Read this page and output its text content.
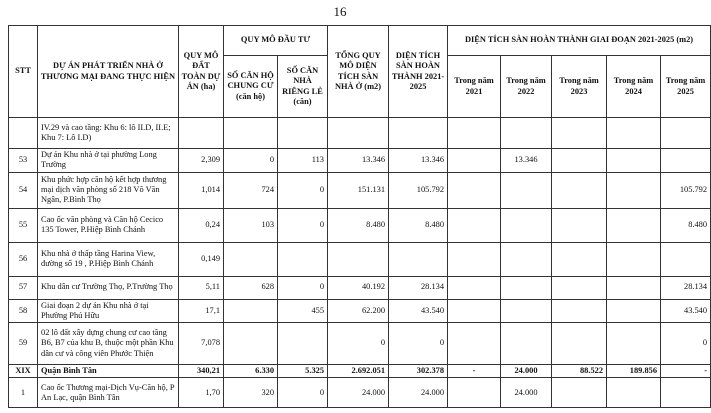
16
STT	DỰ ÁN PHÁT TRIỂN NHÀ Ở THƯƠNG MẠI ĐANG THỰC HIỆN	QUY MÔ ĐẤT TOÀN DỰ ÁN (ha)	QUY MÔ ĐẦU TƯ		TỔNG QUY MÔ DIỆN TÍCH SÀN NHÀ Ở (m2)	DIỆN TÍCH SÀN HOÀN THÀNH 2021-2025	DIỆN TÍCH SÀN HOÀN THÀNH GIAI ĐOẠN 2021-2025 (m2)				
			SỐ CĂN HỘ CHUNG CƯ (căn hộ)	SỐ CĂN NHÀ RIÊNG LẺ (căn)			Trong năm 2021	Trong năm 2022	Trong năm 2023	Trong năm 2024	Trong năm 2025
	IV.29 và cao tầng: Khu 6: lô II.D, II.E; Khu 7: Lô I.D)										
53	Dự án Khu nhà ở tại phường Long Trường	2,309	0	113	13.346	13.346		13.346			
54	Khu phức hợp căn hộ kết hợp thương mại dịch văn phòng số 218 Võ Văn Ngân, P.Bình Thọ	1,014	724	0	151.131	105.792					105.792
55	Cao ốc văn phòng và Căn hộ Cecico 135 Tower, P.Hiệp Bình Chánh	0,24	103	0	8.480	8.480					8.480
56	Khu nhà ở thấp tầng Harina View, đường số 19 , P.Hiệp Bình Chánh	0,149									
57	Khu dân cư Trường Thọ, P.Trường Thọ	5,11	628	0	40.192	28.134					28.134
58	Giai đoạn 2 dự án Khu nhà ở tại Phường Phú Hữu	17,1		455	62.200	43.540					43.540
59	02 lô đất xây dựng chung cư cao tầng B6, B7 của khu B, thuộc một phần Khu dân cư và công viên Phước Thiện	7,078			0	0					0
XIX	Quận Bình Tân	340,21	6.330	5.325	2.692.051	302.378	-	24.000	88.522	189.856	-
1	Cao ốc Thương mại-Dịch Vụ-Căn hộ, P An Lạc, quận Bình Tân	1,70	320	0	24.000	24.000		24.000			
